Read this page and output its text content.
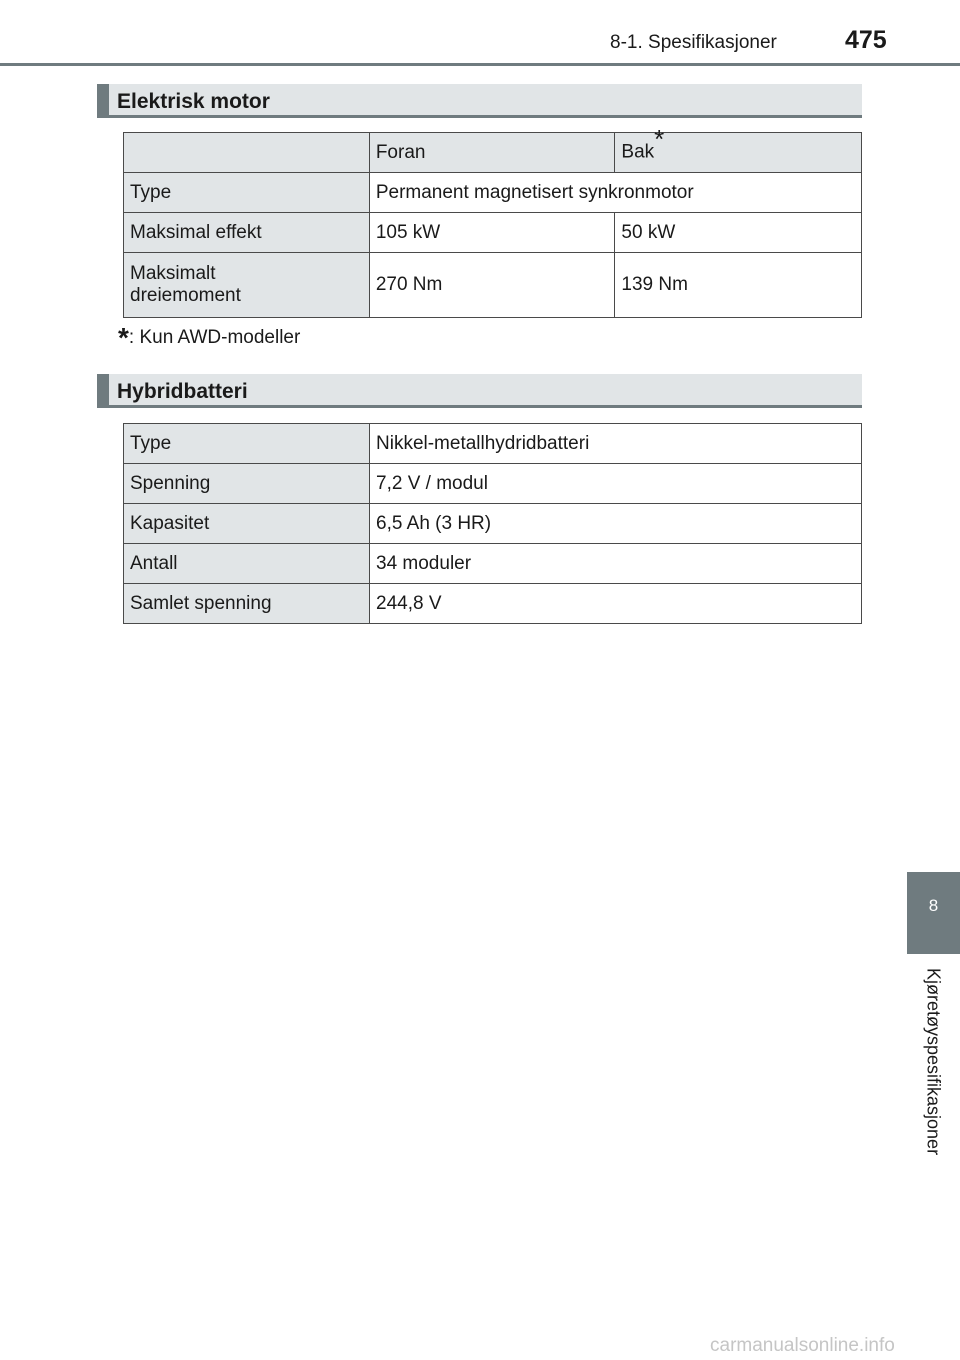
8-1. Spesifikasjoner	475
Elektrisk motor
	Foran	Bak*
Type	Permanent magnetisert synkronmotor	
Maksimal effekt	105 kW	50 kW
Maksimalt dreiemoment	270 Nm	139 Nm
*: Kun AWD-modeller
Hybridbatteri
Type	Nikkel-metallhydridbatteri
Spenning	7,2 V / modul
Kapasitet	6,5 Ah (3 HR)
Antall	34 moduler
Samlet spenning	244,8 V
8
Kjøretøyspesifikasjoner
carmanualsonline.info
